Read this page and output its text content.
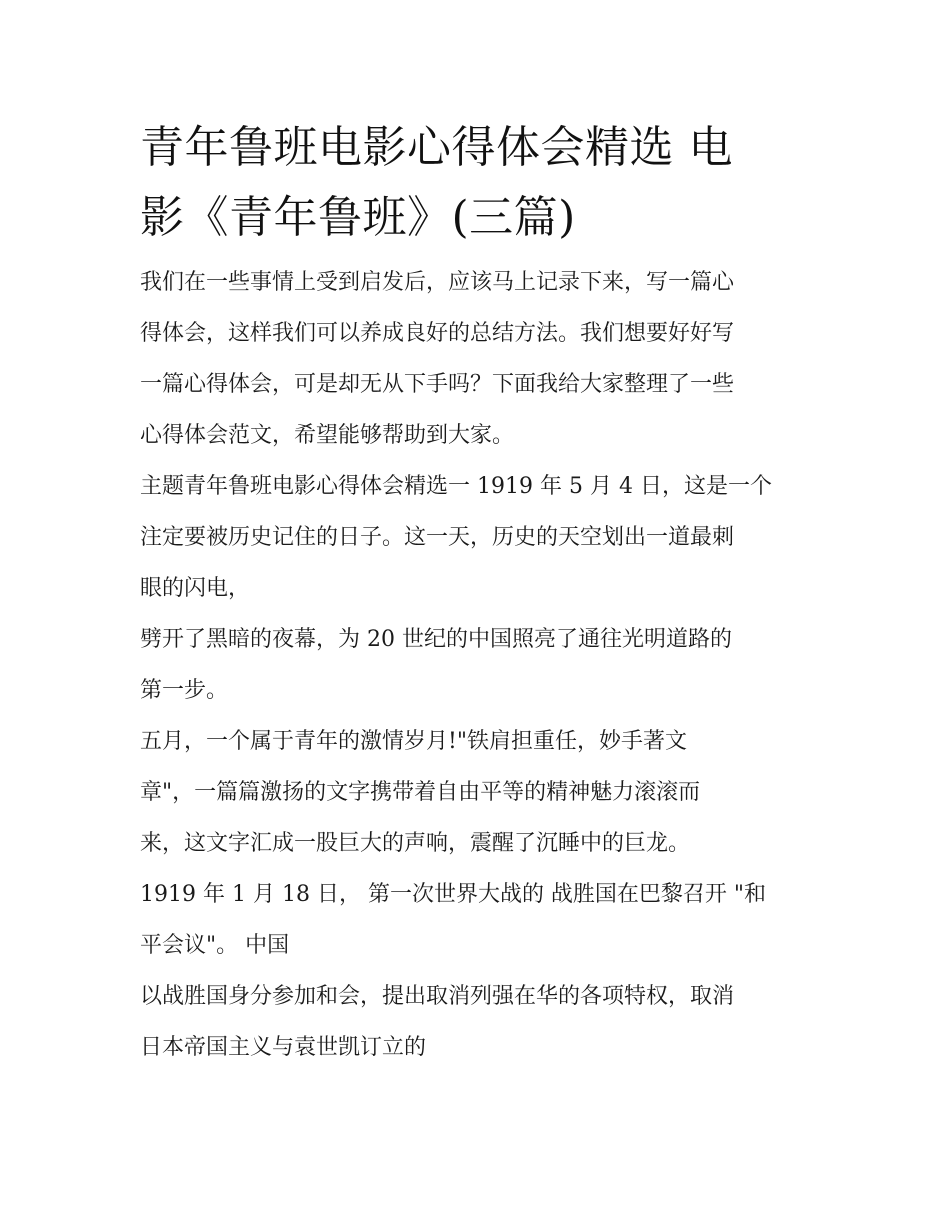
青年鲁班电影心得体会精选 电
影《青年鲁班》(三篇)

我们在一些事情上受到启发后，应该马上记录下来，写一篇心

得体会，这样我们可以养成良好的总结方法。我们想要好好写

一篇心得体会，可是却无从下手吗？下面我给大家整理了一些

心得体会范文，希望能够帮助到大家。

主题青年鲁班电影心得体会精选一 1919 年 5 月 4 日，这是一个

注定要被历史记住的日子。这一天，历史的天空划出一道最刺

眼的闪电，

劈开了黑暗的夜幕，为 20 世纪的中国照亮了通往光明道路的

第一步。

五月，一个属于青年的激情岁月!"铁肩担重任，妙手著文

章"，一篇篇激扬的文字携带着自由平等的精神魅力滚滚而

来，这文字汇成一股巨大的声响，震醒了沉睡中的巨龙。

1919 年 1 月 18 日， 第一次世界大战的 战胜国在巴黎召开 "和

平会议"。 中国

以战胜国身分参加和会，提出取消列强在华的各项特权，取消

日本帝国主义与袁世凯订立的
